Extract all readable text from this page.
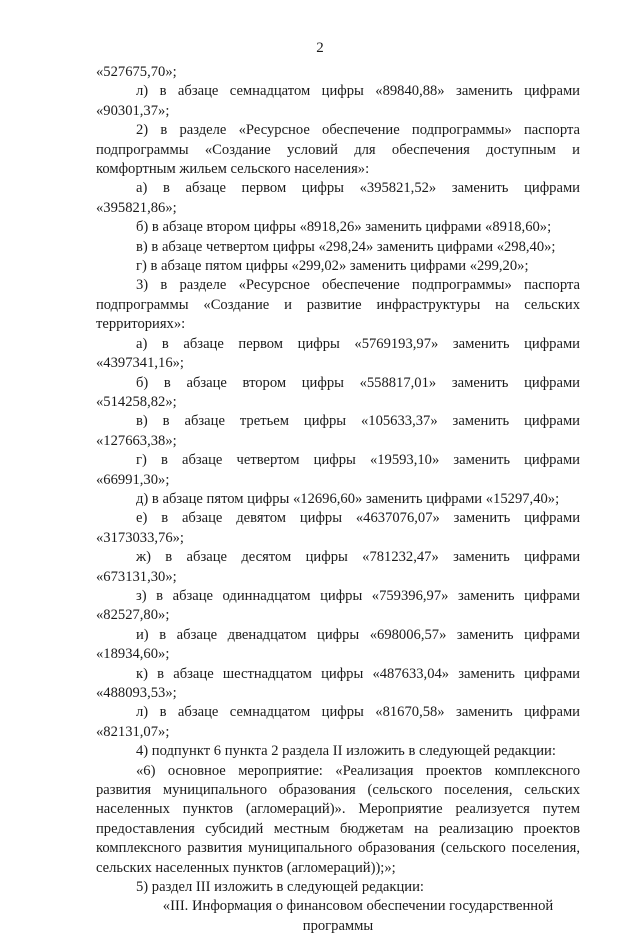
2

«527675,70»;

л) в абзаце семнадцатом цифры «89840,88» заменить цифрами «90301,37»;

2) в разделе «Ресурсное обеспечение подпрограммы» паспорта подпрограммы «Создание условий для обеспечения доступным и комфортным жильем сельского населения»:

а) в абзаце первом цифры «395821,52» заменить цифрами «395821,86»;

б) в абзаце втором цифры «8918,26» заменить цифрами «8918,60»;

в) в абзаце четвертом цифры «298,24» заменить цифрами «298,40»;

г) в абзаце пятом цифры «299,02» заменить цифрами «299,20»;

3) в разделе «Ресурсное обеспечение подпрограммы» паспорта подпрограммы «Создание и развитие инфраструктуры на сельских территориях»:

а) в абзаце первом цифры «5769193,97» заменить цифрами «4397341,16»;

б) в абзаце втором цифры «558817,01» заменить цифрами «514258,82»;

в) в абзаце третьем цифры «105633,37» заменить цифрами «127663,38»;

г) в абзаце четвертом цифры «19593,10» заменить цифрами «66991,30»;

д) в абзаце пятом цифры «12696,60» заменить цифрами «15297,40»;

е) в абзаце девятом цифры «4637076,07» заменить цифрами «3173033,76»;

ж) в абзаце десятом цифры «781232,47» заменить цифрами «673131,30»;

з) в абзаце одиннадцатом цифры «759396,97» заменить цифрами «82527,80»;

и) в абзаце двенадцатом цифры «698006,57» заменить цифрами «18934,60»;

к) в абзаце шестнадцатом цифры «487633,04» заменить цифрами «488093,53»;

л) в абзаце семнадцатом цифры «81670,58» заменить цифрами «82131,07»;

4) подпункт 6 пункта 2 раздела II изложить в следующей редакции:

«6) основное мероприятие: «Реализация проектов комплексного развития муниципального образования (сельского поселения, сельских населенных пунктов (агломераций)». Мероприятие реализуется путем предоставления субсидий местным бюджетам на реализацию проектов комплексного развития муниципального образования (сельского поселения, сельских населенных пунктов (агломераций));»;

5) раздел III изложить в следующей редакции:

«III. Информация о финансовом обеспечении государственной

программы
